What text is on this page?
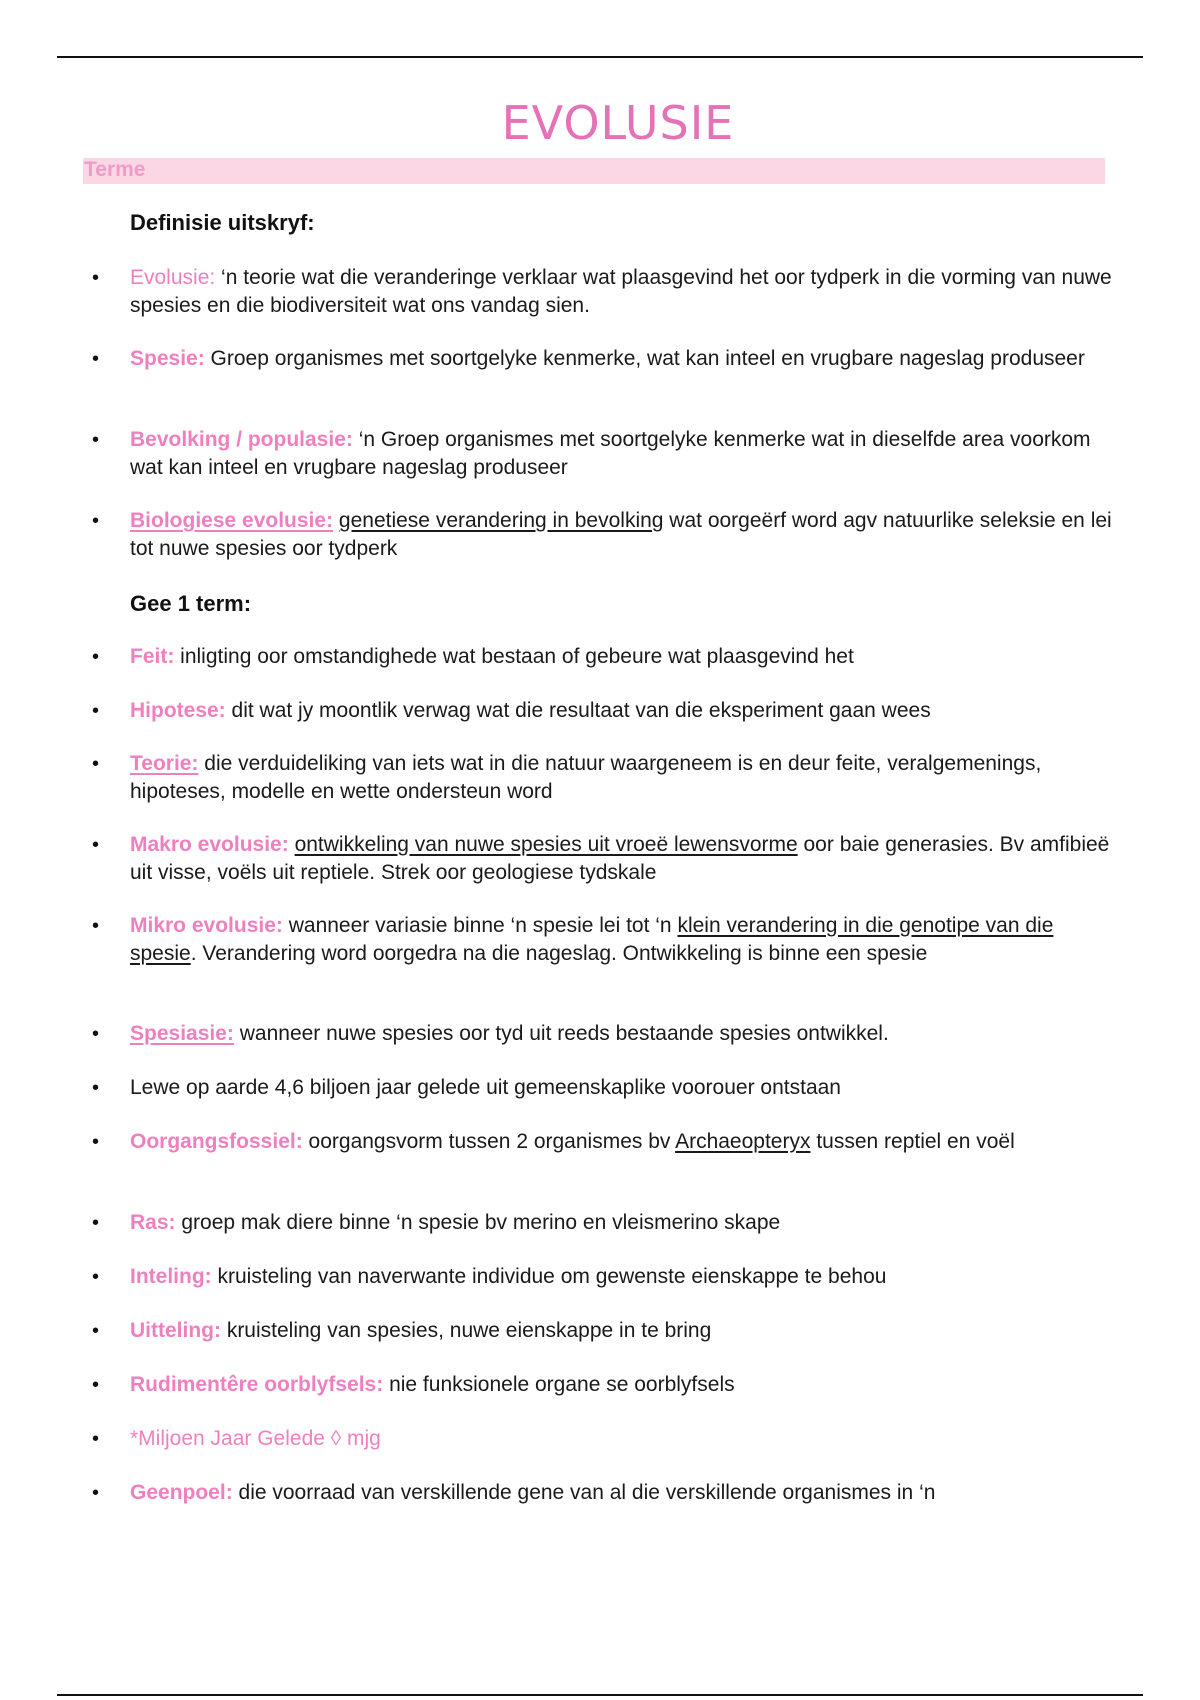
EVOLUSIE
Terme
Definisie uitskryf:
•	Evolusie: ‘n teorie wat die veranderinge verklaar wat plaasgevind het oor tydperk in die vorming van nuwe spesies en die biodiversiteit wat ons vandag sien.
•	Spesie: Groep organismes met soortgelyke kenmerke, wat kan inteel en vrugbare nageslag produseer
•	Bevolking / populasie: ‘n Groep organismes met soortgelyke kenmerke wat in dieselfde area voorkom wat kan inteel en vrugbare nageslag produseer
•	Biologiese evolusie: genetiese verandering in bevolking wat oorgeërf word agv natuurlike seleksie en lei tot nuwe spesies oor tydperk
Gee 1 term:
•	Feit: inligting oor omstandighede wat bestaan of gebeure wat plaasgevind het
•	Hipotese: dit wat jy moontlik verwag wat die resultaat van die eksperiment gaan wees
•	Teorie: die verduideliking van iets wat in die natuur waargeneem is en deur feite, veralgemenings, hipoteses, modelle en wette ondersteun word
•	Makro evolusie: ontwikkeling van nuwe spesies uit vroeë lewensvorme oor baie generasies. Bv amfibieë uit visse, voëls uit reptiele. Strek oor geologiese tydskale
•	Mikro evolusie: wanneer variasie binne ‘n spesie lei tot ‘n klein verandering in die genotipe van die spesie. Verandering word oorgedra na die nageslag. Ontwikkeling is binne een spesie
•	Spesiasie: wanneer nuwe spesies oor tyd uit reeds bestaande spesies ontwikkel.
•	Lewe op aarde 4,6 biljoen jaar gelede uit gemeenskaplike voorouer ontstaan
•	Oorgangsfossiel: oorgangsvorm tussen 2 organismes bv Archaeopteryx tussen reptiel en voël
•	Ras: groep mak diere binne ‘n spesie bv merino en vleismerino skape
•	Inteling: kruisteling van naverwante individue om gewenste eienskappe te behou
•	Uitteling: kruisteling van spesies, nuwe eienskappe in te bring
•	Rudimentêre oorblyfsels: nie funksionele organe se oorblyfsels
•	*Miljoen Jaar Gelede ◊ mjg
•	Geenpoel: die voorraad van verskillende gene van al die verskillende organismes in ‘n
